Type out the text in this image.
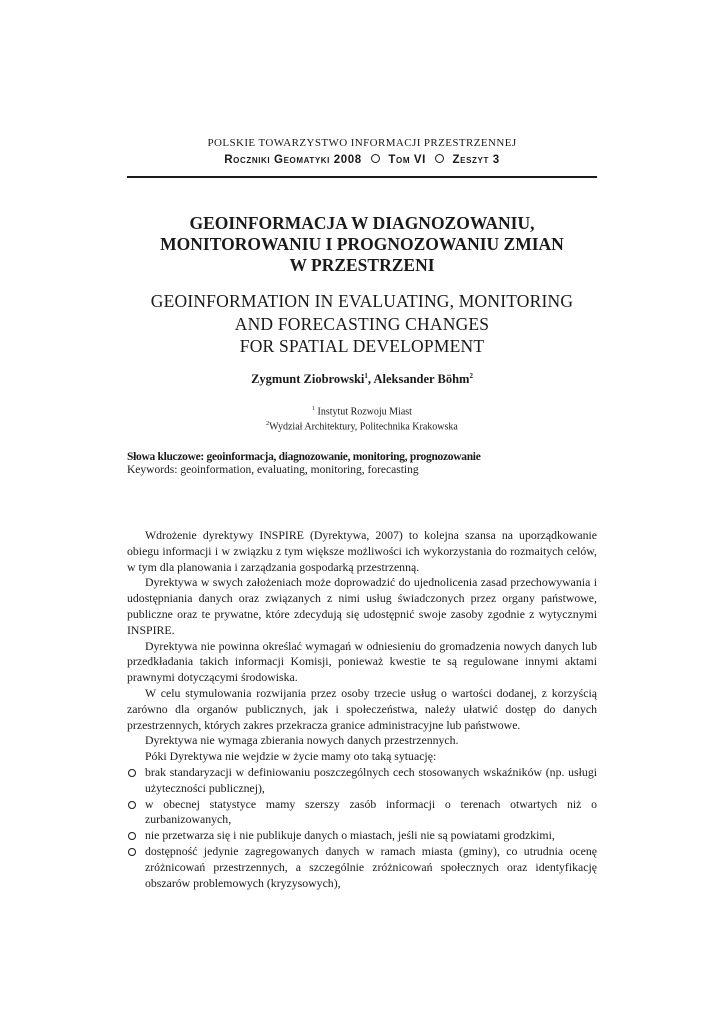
POLSKIE TOWARZYSTWO INFORMACJI PRZESTRZENNEJ
Roczniki Geomatyki 2008 Tom VI Zeszyt 3
GEOINFORMACJA W DIAGNOZOWANIU,
MONITOROWANIU I PROGNOZOWANIU ZMIAN
W PRZESTRZENI
GEOINFORMATION IN EVALUATING, MONITORING
AND FORECASTING CHANGES
FOR SPATIAL DEVELOPMENT
Zygmunt Ziobrowski$^1$, Aleksander Böhm$^2$
$^1$ Instytut Rozwoju Miast
$^2$Wydział Architektury, Politechnika Krakowska
Słowa kluczowe: geoinformacja, diagnozowanie, monitoring, prognozowanie
Keywords: geoinformation, evaluating, monitoring, forecasting

Wdrożenie dyrektywy INSPIRE (Dyrektywa, 2007) to kolejna szansa na uporządkowanie obiegu informacji i w związku z tym większe możliwości ich wykorzystania do rozmaitych celów, w tym dla planowania i zarządzania gospodarką przestrzenną.

Dyrektywa w swych założeniach może doprowadzić do ujednolicenia zasad przechowywania i udostępniania danych oraz związanych z nimi usług świadczonych przez organy państwowe, publiczne oraz te prywatne, które zdecydują się udostępnić swoje zasoby zgodnie z wytycznymi INSPIRE.

Dyrektywa nie powinna określać wymagań w odniesieniu do gromadzenia nowych danych lub przedkładania takich informacji Komisji, ponieważ kwestie te są regulowane innymi aktami prawnymi dotyczącymi środowiska.

W celu stymulowania rozwijania przez osoby trzecie usług o wartości dodanej, z korzyścią zarówno dla organów publicznych, jak i społeczeństwa, należy ułatwić dostęp do danych przestrzennych, których zakres przekracza granice administracyjne lub państwowe.

Dyrektywa nie wymaga zbierania nowych danych przestrzennych.

Póki Dyrektywa nie wejdzie w życie mamy oto taką sytuację:

brak standaryzacji w definiowaniu poszczególnych cech stosowanych wskaźników (np. usługi użyteczności publicznej),
w obecnej statystyce mamy szerszy zasób informacji o terenach otwartych niż o zurbanizowanych,
nie przetwarza się i nie publikuje danych o miastach, jeśli nie są powiatami grodzkimi,
dostępność jedynie zagregowanych danych w ramach miasta (gminy), co utrudnia ocenę zróżnicowań przestrzennych, a szczególnie zróżnicowań społecznych oraz identyfikację obszarów problemowych (kryzysowych),
